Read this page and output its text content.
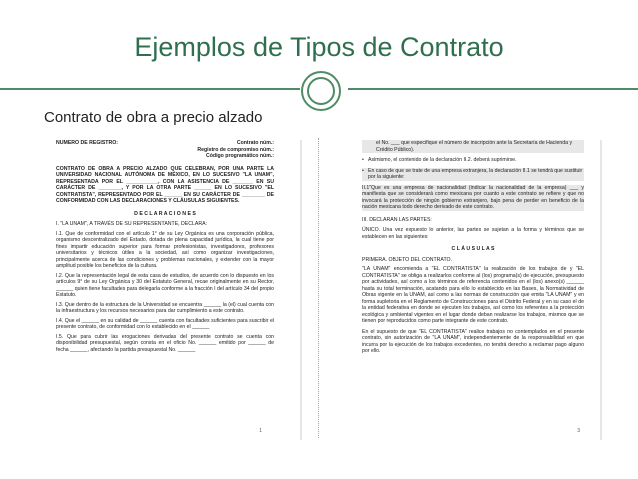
Ejemplos de Tipos de Contrato
Contrato de obra a precio alzado
NÚMERO DE REGISTRO:	Contrato núm.:
Registro de compromiso núm.:
Código programático núm.:
CONTRATO DE OBRA A PRECIO ALZADO QUE CELEBRAN, POR UNA PARTE LA UNIVERSIDAD NACIONAL AUTÓNOMA DE MÉXICO, EN LO SUCESIVO "LA UNAM", REPRESENTADA POR EL ___________, CON LA ASISTENCIA DE _______ EN SU CARÁCTER DE ________, Y POR LA OTRA PARTE ______ EN LO SUCESIVO "EL CONTRATISTA", REPRESENTADO POR EL ______ EN SU CARÁCTER DE ________ DE CONFORMIDAD CON LAS DECLARACIONES Y CLÁUSULAS SIGUIENTES.
D E C L A R A C I O N E S
I. "LA UNAM", A TRAVÉS DE SU REPRESENTANTE, DECLARA:
I.1. Que de conformidad con el artículo 1° de su Ley Orgánica es una corporación pública, organismo descentralizado del Estado, dotada de plena capacidad jurídica, la cual tiene por fines impartir educación superior para formar profesionistas, investigadores, profesores universitarios y técnicos útiles a la sociedad, así como organizar investigaciones, principalmente acerca de las condiciones y problemas nacionales, y extender con la mayor amplitud posible los beneficios de la cultura.
I.2. Que la representación legal de esta casa de estudios, de acuerdo con lo dispuesto en los artículos 9° de su Ley Orgánica y 30 del Estatuto General, recae originalmente en su Rector, ______ quien tiene facultades para delegarla conforme a la fracción I del artículo 34 del propio Estatuto.
I.3. Que dentro de la estructura de la Universidad se encuentra ______ la (el) cual cuenta con la infraestructura y los recursos necesarios para dar cumplimiento a este contrato.
I.4. Que el ______ en su calidad de ______ cuenta con facultades suficientes para suscribir el presente contrato, de conformidad con lo establecido en el ______
I.5. Que para cubrir las erogaciones derivadas del presente contrato se cuenta con disponibilidad presupuestal, según consta en el oficio No. ______ emitido por ______ de fecha ______, afectando la partida presupuestal No. ______
1
el No. ___ que especifique el número de inscripción ante la Secretaría de Hacienda y Crédito Público).
• Asimismo, el contenido de la declaración II.2. deberá suprimirse.
• En caso de que se trate de una empresa extranjera, la declaración II.1 se tendrá que sustituir por la siguiente:
II.1"Que es una empresa de nacionalidad (indicar la nacionalidad de la empresa) ___ y manifiesta que se considerará como mexicana por cuanto a este contrato se refiere y que no invocará la protección de ningún gobierno extranjero, bajo pena de perder en beneficio de la nación mexicana todo derecho derivado de este contrato.
III. DECLARAN LAS PARTES:
ÚNICO. Una vez expuesto lo anterior, las partes se sujetan a la forma y términos que se establecen en las siguientes:
C L Á U S U L A S
PRIMERA. OBJETO DEL CONTRATO.
"LA UNAM" encomienda a "EL CONTRATISTA" la realización de los trabajos de y "EL CONTRATISTA" se obliga a realizarlos conforme al (los) programa(s) de ejecución, presupuesto por actividades, así como a los términos de referencia contenidos en el (los) anexo(s) ______ hasta su total terminación, acatando para ello lo establecido en las Bases, la Normatividad de Obras vigente en la UNAM, así como a las normas de construcción que emita "LA UNAM" y en forma supletoria en el Reglamento de Construcciones para el Distrito Federal y en su caso el de la entidad federativa en donde se ejecuten los trabajos, así como los referentes a la protección ecológica y ambiental vigentes en el lugar donde deban realizarse los trabajos, mismos que se tienen por reproducidos como parte integrante de este contrato.
En el supuesto de que "EL CONTRATISTA" realice trabajos no contemplados en el presente contrato, sin autorización de "LA UNAM", independientemente de la responsabilidad en que incurra por la ejecución de los trabajos excedentes, no tendrá derecho a reclamar pago alguno por ello.
3
